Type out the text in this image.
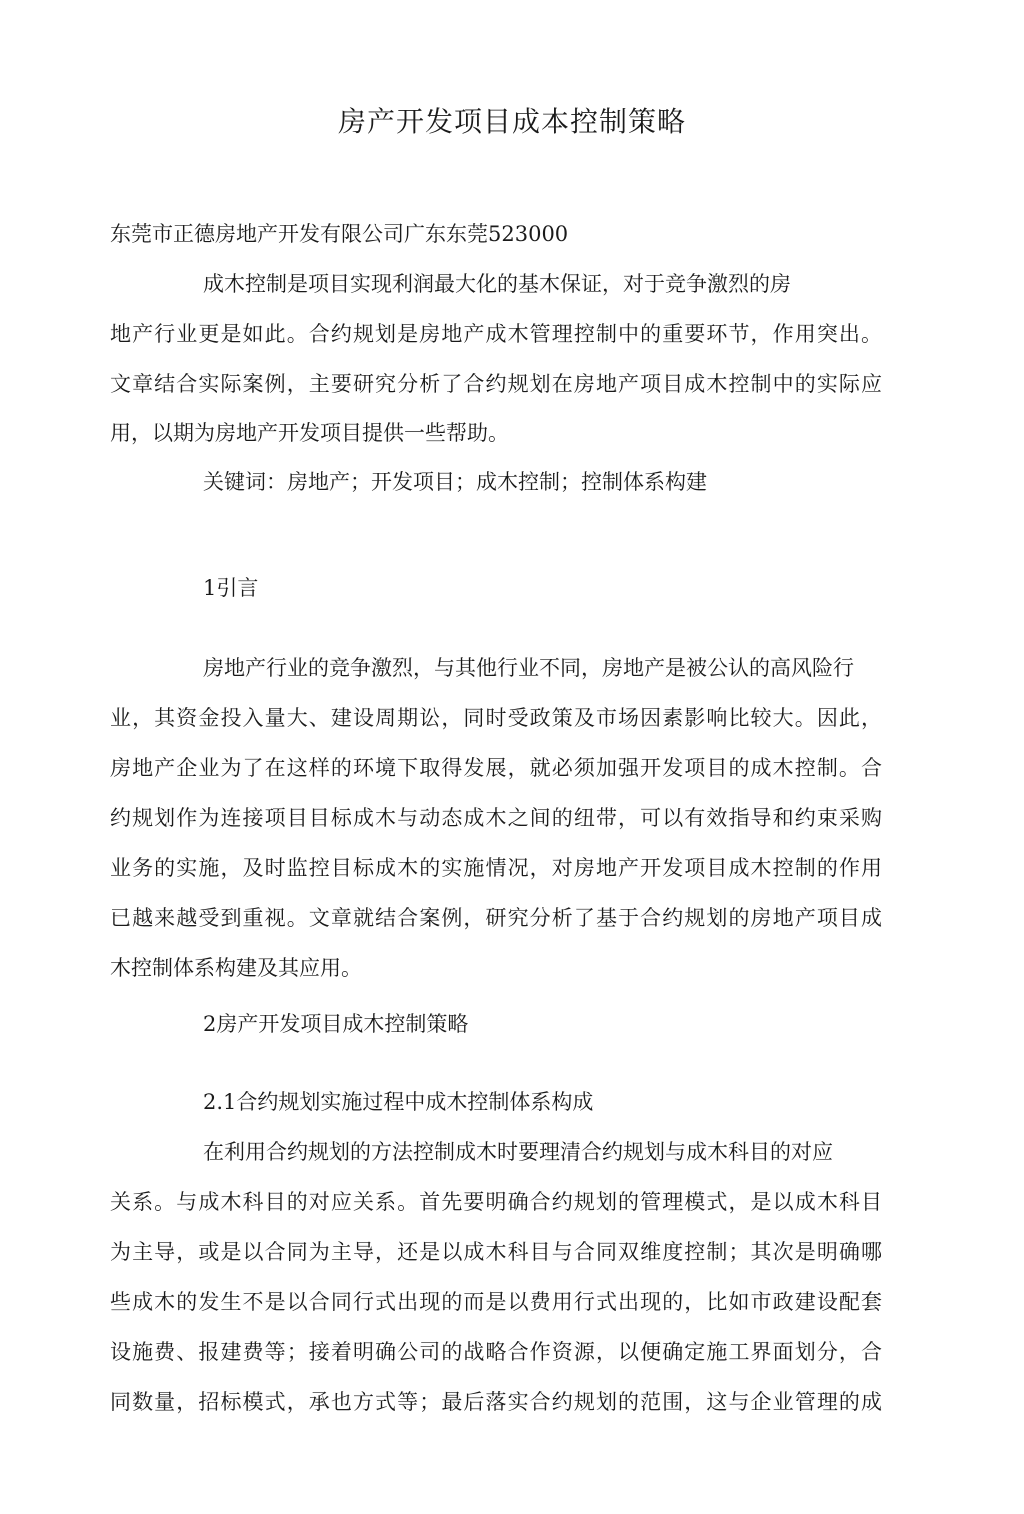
房产开发项目成本控制策略
东莞市正德房地产开发有限公司广东东莞523000
成木控制是项目实现利润最大化的基木保证，对于竞争激烈的房
地产行业更是如此。合约规划是房地产成木管理控制中的重要环节，作用突出。
文章结合实际案例，主要研究分析了合约规划在房地产项目成木控制中的实际应
用，以期为房地产开发项目提供一些帮助。
关键词：房地产；开发项目；成木控制；控制体系构建
1引言
房地产行业的竞争激烈，与其他行业不同，房地产是被公认的高风险行
业，其资金投入量大、建设周期讼，同时受政策及市场因素影响比较大。因此，
房地产企业为了在这样的环境下取得发展，就必须加强开发项目的成木控制。合
约规划作为连接项目目标成木与动态成木之间的纽带，可以有效指导和约束采购
业务的实施，及时监控目标成木的实施情况，对房地产开发项目成木控制的作用
已越来越受到重视。文章就结合案例，研究分析了基于合约规划的房地产项目成
木控制体系构建及其应用。
2房产开发项目成木控制策略
2.1合约规划实施过程中成木控制体系构成
在利用合约规划的方法控制成木时要理清合约规划与成木科目的对应
关系。与成木科目的对应关系。首先要明确合约规划的管理模式，是以成木科目
为主导，或是以合同为主导，还是以成木科目与合同双维度控制；其次是明确哪
些成木的发生不是以合同行式出现的而是以费用行式出现的，比如市政建设配套
设施费、报建费等；接着明确公司的战略合作资源，以便确定施工界面划分，合
同数量，招标模式，承也方式等；最后落实合约规划的范围，这与企业管理的成
